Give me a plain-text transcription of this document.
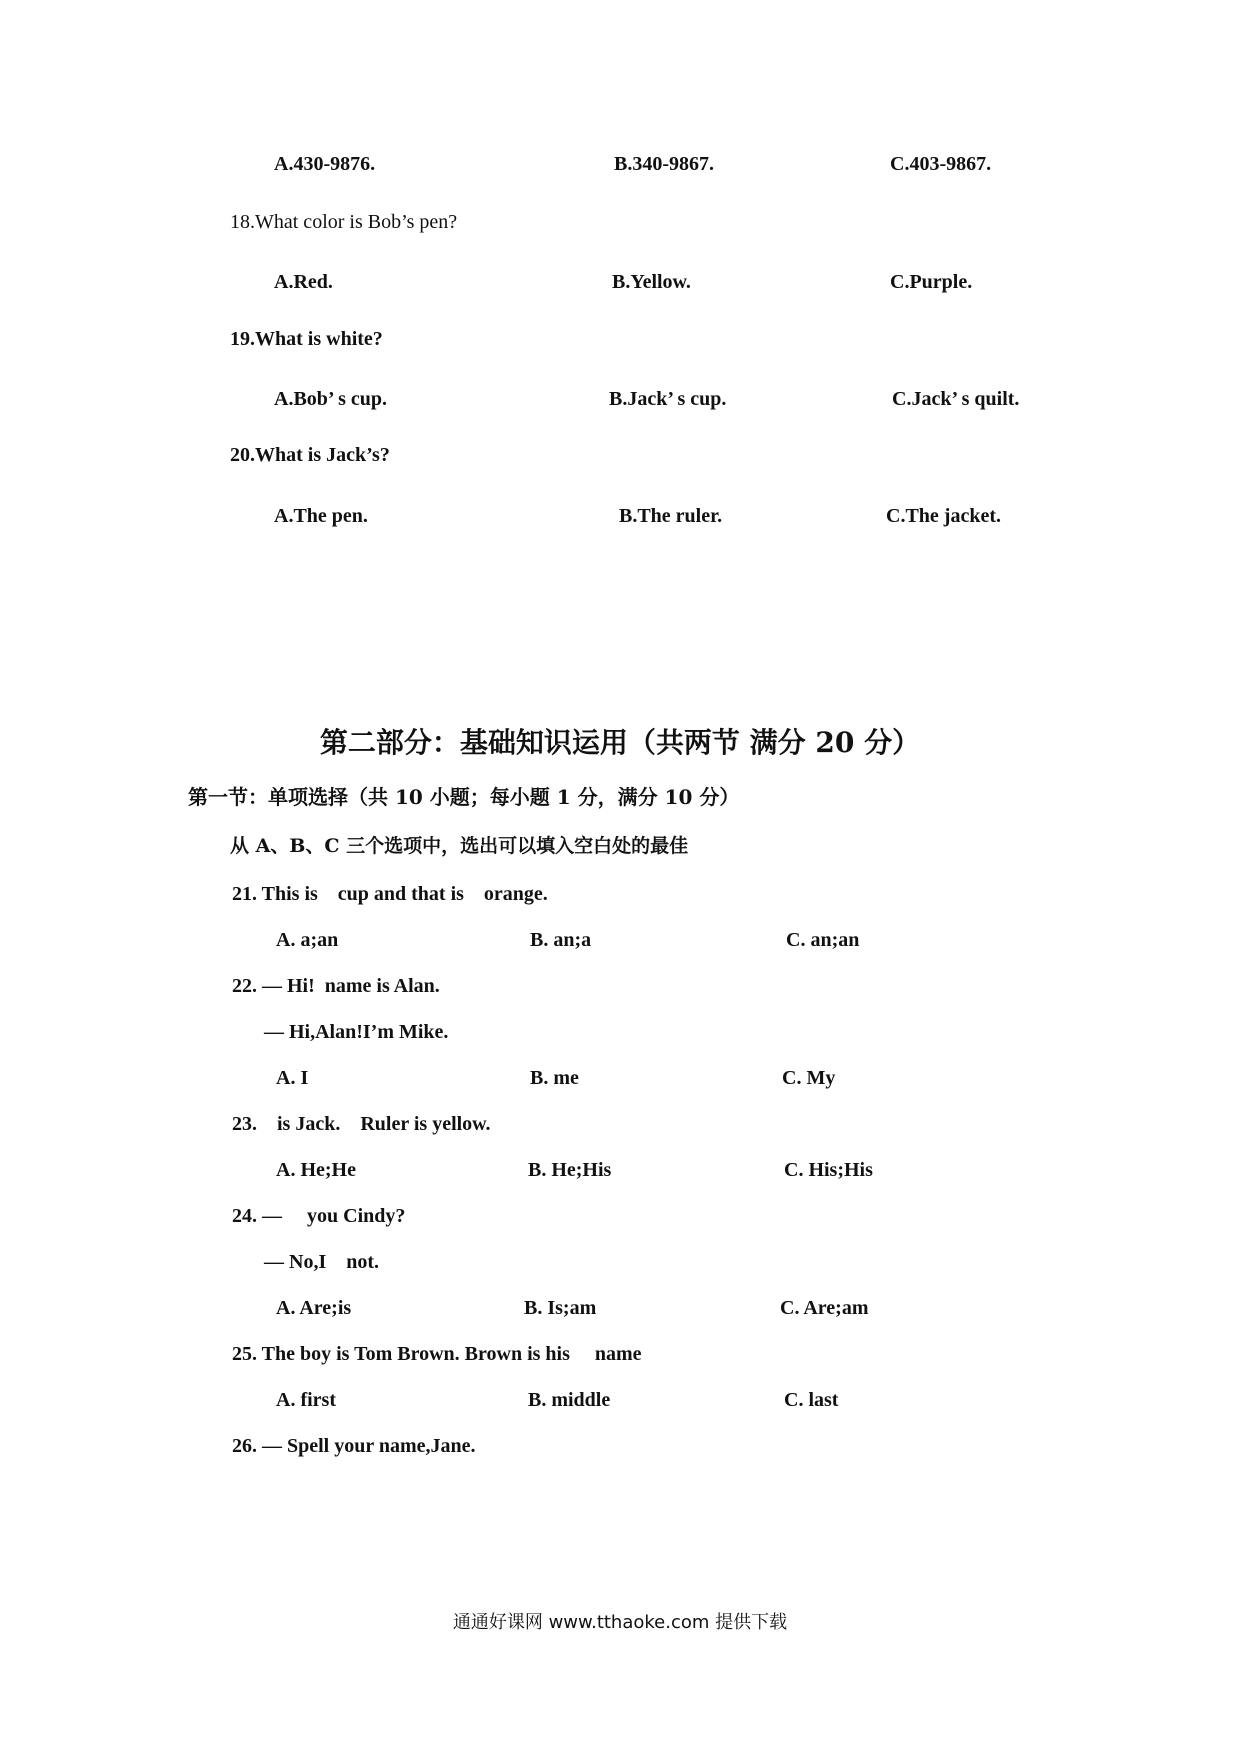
A.430-9876.	B.340-9867.	C.403-9867.
18.What color is Bob’s pen?
A.Red.	B.Yellow.	C.Purple.
19.What is white?
A.Bob’ s cup.	B.Jack’ s cup.	C.Jack’ s quilt.
20.What is Jack’s?
A.The pen.	B.The ruler.	C.The jacket.
第二部分：基础知识运用（共两节 满分 20 分）
第一节：单项选择（共 10 小题；每小题 1 分，满分 10 分）
从 A、B、C 三个选项中，选出可以填入空白处的最佳
21. This is    cup and that is    orange.
A. a;an	B. an;a	C. an;an
22. — Hi!  name is Alan.
— Hi,Alan!I’m Mike.
A. I	B. me	C. My
23.    is Jack.    Ruler is yellow.
A. He;He	B. He;His	C. His;His
24. —     you Cindy?
— No,I    not.
A. Are;is	B. Is;am	C. Are;am
25. The boy is Tom Brown. Brown is his     name
A. first	B. middle	C. last
26. — Spell your name,Jane.
通通好课网 www.tthaoke.com 提供下载
